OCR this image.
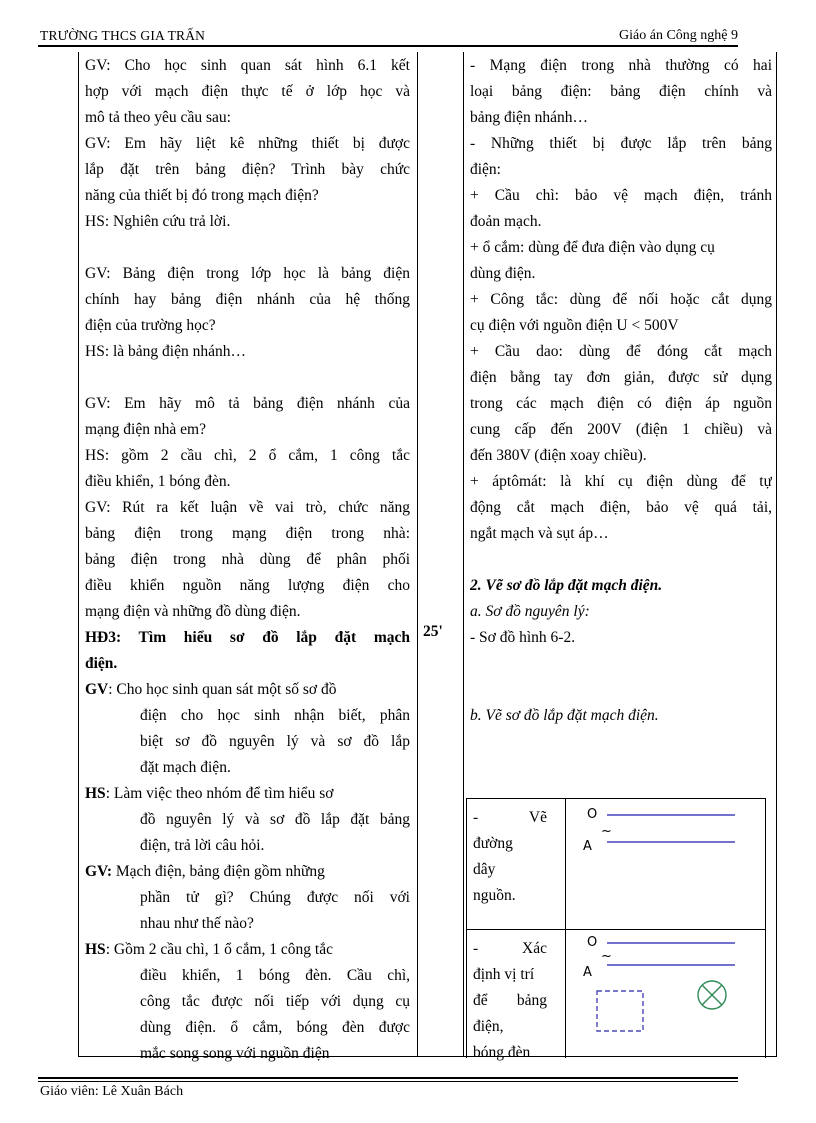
TRƯỜNG THCS GIA TRẤN	Giáo án Công nghệ 9
GV: Cho học sinh quan sát hình 6.1 kết
hợp với mạch điện thực tế ở lớp học và
mô tả theo yêu cầu sau:
GV: Em hãy liệt kê những thiết bị được
lắp đặt trên bảng điện? Trình bày chức
năng của thiết bị đó trong mạch điện?
HS: Nghiên cứu trả lời.
GV: Bảng điện trong lớp học là bảng điện
chính hay bảng điện nhánh của hệ thống
điện của trường học?
HS: là bảng điện nhánh…
GV: Em hãy mô tả bảng điện nhánh của
mạng điện nhà em?
HS: gồm 2 cầu chì, 2 ổ cắm, 1 công tắc
điều khiển, 1 bóng đèn.
GV: Rút ra kết luận về vai trò, chức năng
bảng điện trong mạng điện trong nhà:
bảng điện trong nhà dùng để phân phối
điều khiển nguồn năng lượng điện cho
mạng điện và những đồ dùng điện.
HĐ3: Tìm hiểu sơ đồ lắp đặt mạch
điện.
GV: Cho học sinh quan sát một số sơ đồ
điện cho học sinh nhận biết, phân
biệt sơ đồ nguyên lý và sơ đồ lắp
đặt mạch điện.
HS: Làm việc theo nhóm để tìm hiểu sơ
đồ nguyên lý và sơ đồ lắp đặt bảng
điện, trả lời câu hỏi.
GV: Mạch điện, bảng điện gồm những
phần tử gì? Chúng được nối với
nhau như thế nào?
HS: Gồm 2 cầu chì, 1 ổ cắm, 1 công tắc
điều khiển, 1 bóng đèn. Cầu chì,
công tắc được nối tiếp với dụng cụ
dùng điện. ổ cắm, bóng đèn được
mắc song song với nguồn điện
25'
- Mạng điện trong nhà thường có hai
loại bảng điện: bảng điện chính và
bảng điện nhánh…
- Những thiết bị được lắp trên bảng
điện:
+ Cầu chì: bảo vệ mạch điện, tránh
đoản mạch.
+ ổ cắm: dùng để đưa điện vào dụng cụ
dùng điện.
+ Công tắc: dùng để nối hoặc cắt dụng
cụ điện với nguồn điện U < 500V
+ Cầu dao: dùng để đóng cắt mạch
điện bằng tay đơn giản, được sử dụng
trong các mạch điện có điện áp nguồn
cung cấp đến 200V (điện 1 chiều) và
đến 380V (điện xoay chiều).
+ áptômát: là khí cụ điện dùng để tự
động cắt mạch điện, bảo vệ quá tải,
ngắt mạch và sụt áp…
2. Vẽ sơ đồ lắp đặt mạch điện.
a. Sơ đồ nguyên lý:
- Sơ đồ hình 6-2.
b. Vẽ sơ đồ lắp đặt mạch điện.
- Vẽ
đường
dây
nguồn.
O
~
A
- Xác
định vị trí
để bảng
điện,
bóng đèn
O
~
A
Giáo viên: Lê Xuân Bách
